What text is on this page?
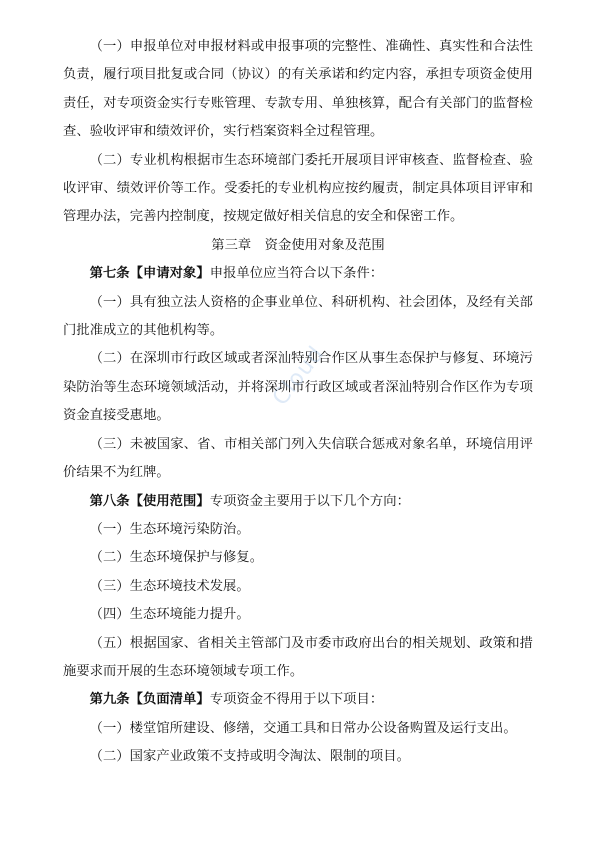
（一）申报单位对申报材料或申报事项的完整性、准确性、真实性和合法性负责，履行项目批复或合同（协议）的有关承诺和约定内容，承担专项资金使用责任，对专项资金实行专账管理、专款专用、单独核算，配合有关部门的监督检查、验收评审和绩效评价，实行档案资料全过程管理。

（二）专业机构根据市生态环境部门委托开展项目评审核查、监督检查、验收评审、绩效评价等工作。受委托的专业机构应按约履责，制定具体项目评审和管理办法，完善内控制度，按规定做好相关信息的安全和保密工作。

第三章　资金使用对象及范围

第七条【申请对象】申报单位应当符合以下条件：

（一）具有独立法人资格的企事业单位、科研机构、社会团体，及经有关部门批准成立的其他机构等。

（二）在深圳市行政区域或者深汕特别合作区从事生态保护与修复、环境污染防治等生态环境领域活动，并将深圳市行政区域或者深汕特别合作区作为专项资金直接受惠地。

（三）未被国家、省、市相关部门列入失信联合惩戒对象名单，环境信用评价结果不为红牌。

第八条【使用范围】专项资金主要用于以下几个方向：

（一）生态环境污染防治。

（二）生态环境保护与修复。

（三）生态环境技术发展。

（四）生态环境能力提升。

（五）根据国家、省相关主管部门及市委市政府出台的相关规划、政策和措施要求而开展的生态环境领域专项工作。

第九条【负面清单】专项资金不得用于以下项目：

（一）楼堂馆所建设、修缮，交通工具和日常办公设备购置及运行支出。

（二）国家产业政策不支持或明令淘汰、限制的项目。

Cloud
